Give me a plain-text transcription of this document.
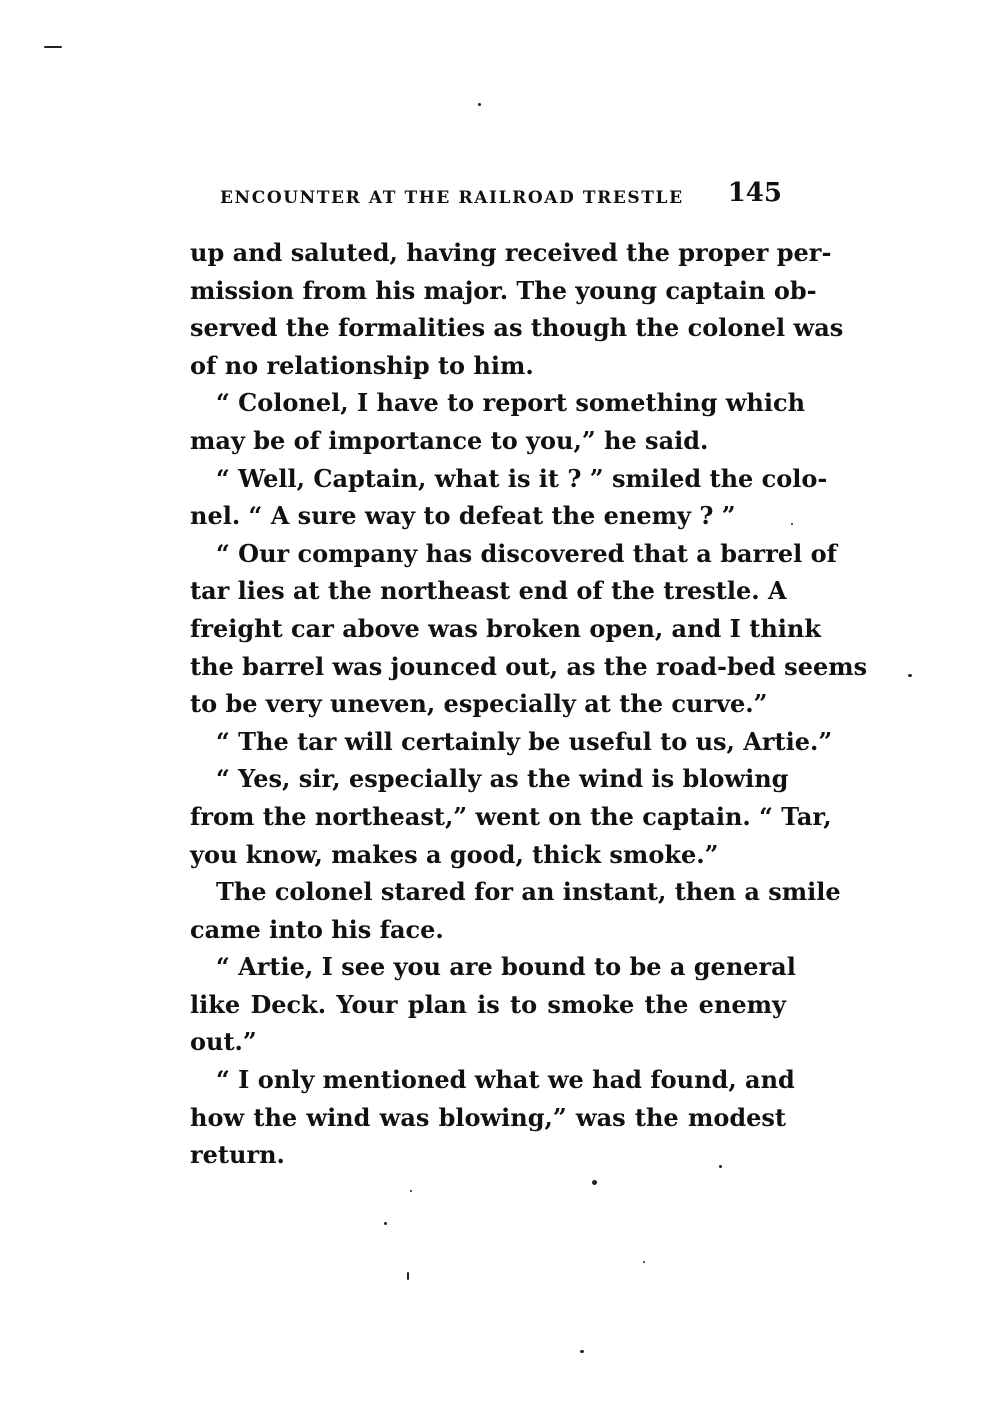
ENCOUNTER AT THE RAILROAD TRESTLE 145
up and saluted, having received the proper per-
mission from his major. The young captain ob-
served the formalities as though the colonel was
of no relationship to him.
“ Colonel, I have to report something which
may be of importance to you,” he said.
“ Well, Captain, what is it ? ” smiled the colo-
nel. “ A sure way to defeat the enemy ? ”
“ Our company has discovered that a barrel of
tar lies at the northeast end of the trestle. A
freight car above was broken open, and I think
the barrel was jounced out, as the road-bed seems
to be very uneven, especially at the curve.”
“ The tar will certainly be useful to us, Artie.”
“ Yes, sir, especially as the wind is blowing
from the northeast,” went on the captain. “ Tar,
you know, makes a good, thick smoke.”
The colonel stared for an instant, then a smile
came into his face.
“ Artie, I see you are bound to be a general
like Deck. Your plan is to smoke the enemy
out.”
“ I only mentioned what we had found, and
how the wind was blowing,” was the modest
return.
